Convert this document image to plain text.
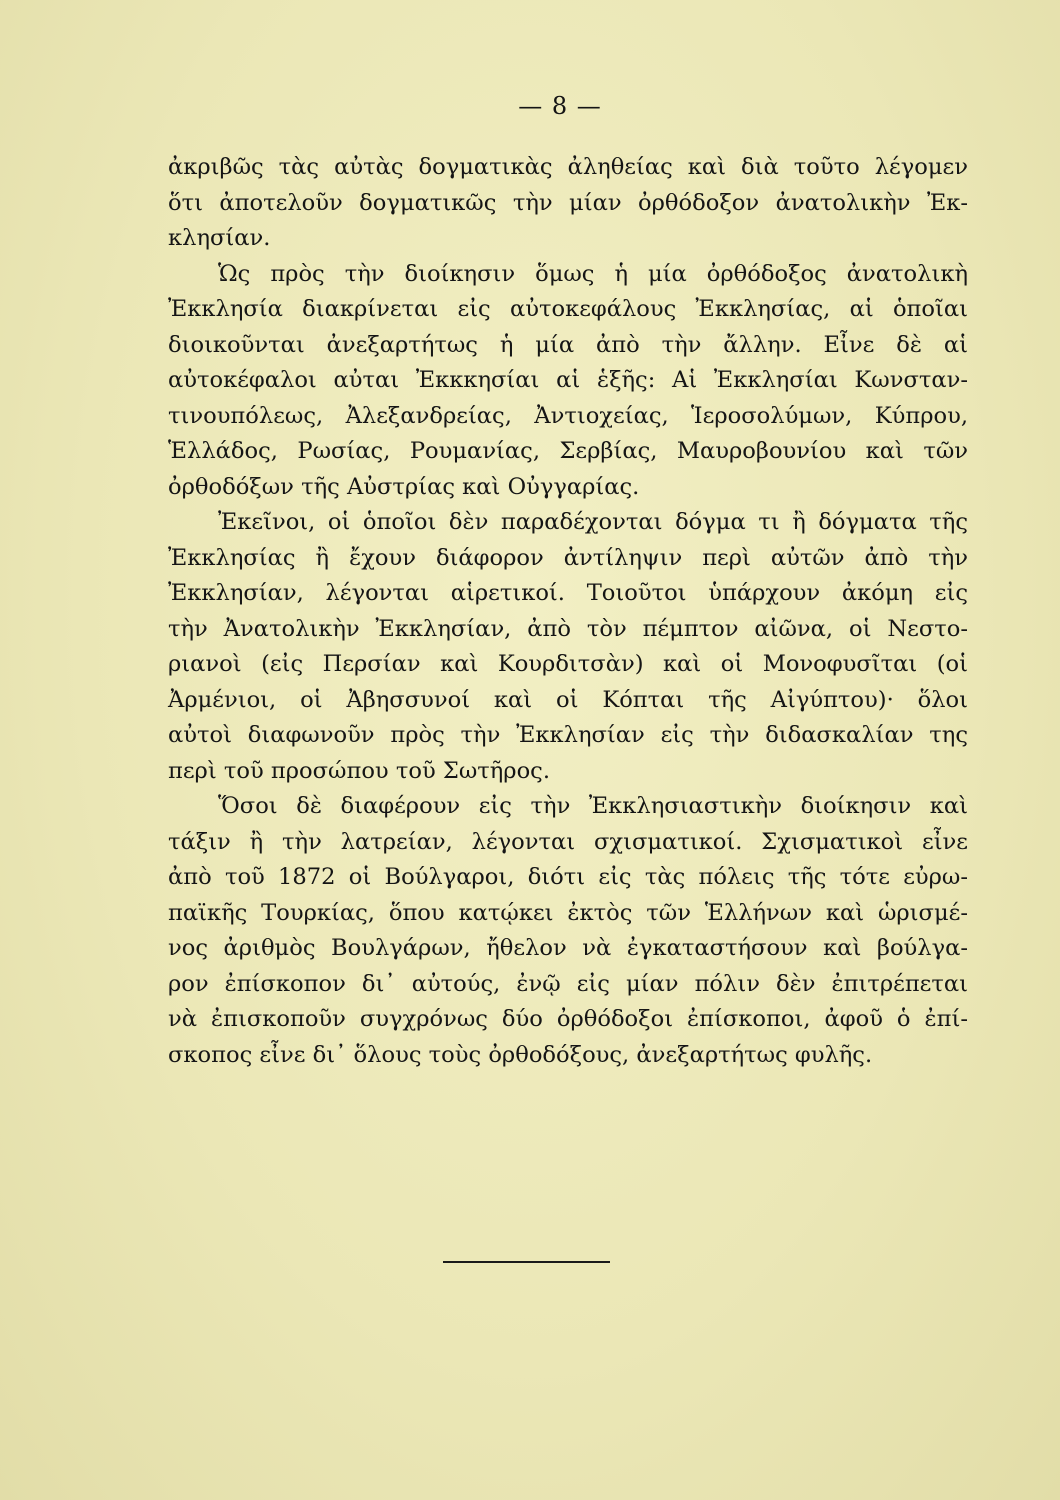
— 8 —
ἀκριβῶς τὰς αὐτὰς δογματικὰς ἀληθείας καὶ διὰ τοῦτο λέγομεν
ὅτι ἀποτελοῦν δογματικῶς τὴν μίαν ὀρθόδοξον ἀνατολικὴν Ἐκ-
κλησίαν.
Ὡς πρὸς τὴν διοίκησιν ὅμως ἡ μία ὀρθόδοξος ἀνατολικὴ
Ἐκκλησία διακρίνεται εἰς αὐτοκεφάλους Ἐκκλησίας, αἱ ὁποῖαι
διοικοῦνται ἀνεξαρτήτως ἡ μία ἀπὸ τὴν ἄλλην. Εἶνε δὲ αἱ
αὐτοκέφαλοι αὐται Ἐκκκησίαι αἱ ἑξῆς: Αἱ Ἐκκλησίαι Κωνσταν-
τινουπόλεως, Ἀλεξανδρείας, Ἀντιοχείας, Ἱεροσολύμων, Κύπρου,
Ἑλλάδος, Ρωσίας, Ρουμανίας, Σερβίας, Μαυροβουνίου καὶ τῶν
ὀρθοδόξων τῆς Αὐστρίας καὶ Οὐγγαρίας.
Ἐκεῖνοι, οἱ ὁποῖοι δὲν παραδέχονται δόγμα τι ἢ δόγματα τῆς
Ἐκκλησίας ἢ ἔχουν διάφορον ἀντίληψιν περὶ αὐτῶν ἀπὸ τὴν
Ἐκκλησίαν, λέγονται αἱρετικοί. Τοιοῦτοι ὑπάρχουν ἀκόμη εἰς
τὴν Ἀνατολικὴν Ἐκκλησίαν, ἀπὸ τὸν πέμπτον αἰῶνα, οἱ Νεστο-
ριανοὶ (εἰς Περσίαν καὶ Κουρδιτσὰν) καὶ οἱ Μονοφυσῖται (οἱ
Ἀρμένιοι, οἱ Ἀβησσυνοί καὶ οἱ Κόπται τῆς Αἰγύπτου)· ὅλοι
αὐτοὶ διαφωνοῦν πρὸς τὴν Ἐκκλησίαν εἰς τὴν διδασκαλίαν της
περὶ τοῦ προσώπου τοῦ Σωτῆρος.
Ὅσοι δὲ διαφέρουν εἰς τὴν Ἐκκλησιαστικὴν διοίκησιν καὶ
τάξιν ἢ τὴν λατρείαν, λέγονται σχισματικοί. Σχισματικοὶ εἶνε
ἀπὸ τοῦ 1872 οἱ Βούλγαροι, διότι εἰς τὰς πόλεις τῆς τότε εὐρω-
παϊκῆς Τουρκίας, ὅπου κατῴκει ἐκτὸς τῶν Ἑλλήνων καὶ ὡρισμέ-
νος ἀριθμὸς Βουλγάρων, ἤθελον νὰ ἐγκαταστήσουν καὶ βούλγα-
ρον ἐπίσκοπον δι᾿ αὐτούς, ἐνῷ εἰς μίαν πόλιν δὲν ἐπιτρέπεται
νὰ ἐπισκοποῦν συγχρόνως δύο ὀρθόδοξοι ἐπίσκοποι, ἀφοῦ ὁ ἐπί-
σκοπος εἶνε δι᾿ ὅλους τοὺς ὀρθοδόξους, ἀνεξαρτήτως φυλῆς.
